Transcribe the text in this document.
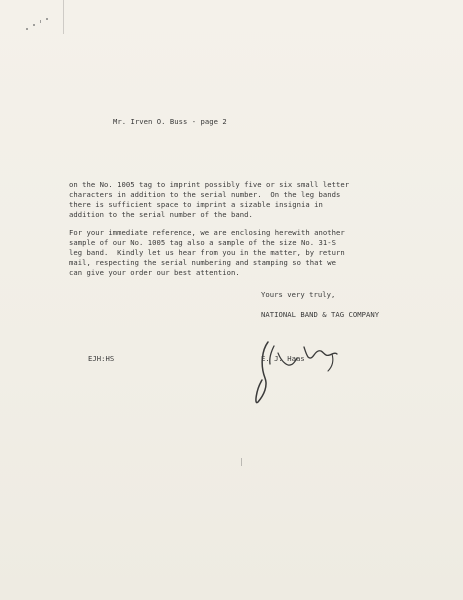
Mr. Irven O. Buss - page 2
on the No. 1005 tag to imprint possibly five or six small letter
characters in addition to the serial number.  On the leg bands
there is sufficient space to imprint a sizable insignia in
addition to the serial number of the band.
For your immediate reference, we are enclosing herewith another
sample of our No. 1005 tag also a sample of the size No. 31-S
leg band.  Kindly let us hear from you in the matter, by return
mail, respecting the serial numbering and stamping so that we
can give your order our best attention.
Yours very truly,
NATIONAL BAND & TAG COMPANY
EJH:HS	E. J. Haas
